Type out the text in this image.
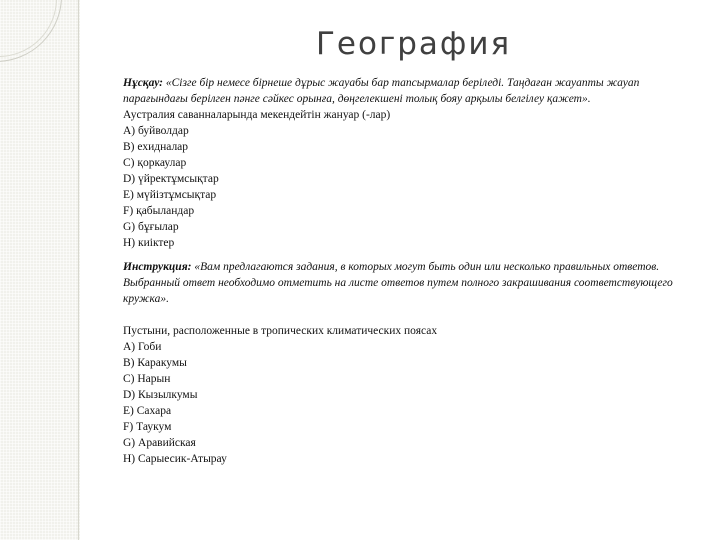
География

Нұсқау: «Сізге бір немесе бірнеше дұрыс жауабы бар тапсырмалар беріледі. Таңдаған жауапты жауап парағындағы берілген пәнге сәйкес орынға, дөңгелекшені толық бояу арқылы белгілеу қажет».

Аустралия саванналарында мекендейтін жануар (-лар)

A) буйволдар

B) ехидналар

C) қоркаулар

D) үйректұмсықтар

E) мүйізтұмсықтар

F) қабыландар

G) бұғылар

H) киіктер

Инструкция: «Вам предлагаются задания, в которых могут быть один или несколько правильных ответов. Выбранный ответ необходимо отметить на листе ответов путем полного закрашивания соответствующего кружка».

Пустыни, расположенные в тропических климатических поясах

A) Гоби

B) Каракумы

C) Нарын

D) Кызылкумы

E) Сахара

F) Таукум

G) Аравийская

H) Сарыесик-Атырау
